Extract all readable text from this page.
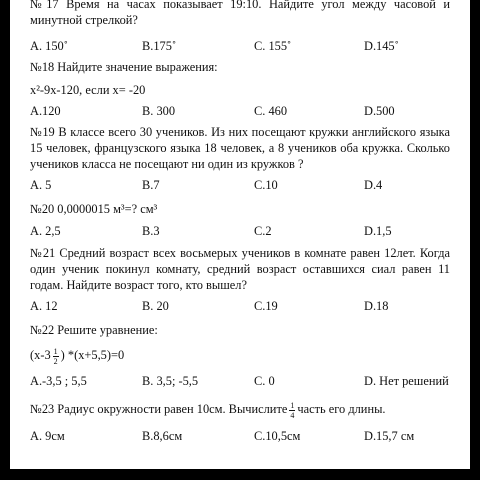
№17 Время на часах показывает 19:10. Найдите угол между часовой и минутной стрелкой?
A. 150˚	B.175˚	C. 155˚	D.145˚
№18 Найдите значение выражения:
x²-9x-120, если x= -20
A.120	B. 300	C. 460	D.500
№19 В классе всего 30 учеников. Из них посещают кружки английского языка 15 человек, французского языка 18 человек, а 8 учеников оба кружка. Сколько учеников класса не посещают ни один из кружков ?
A. 5	B.7	C.10	D.4
№20 0,0000015 м³=? см³
A. 2,5	B.3	C.2	D.1,5
№21 Средний возраст всех восьмерых учеников в комнате равен 12лет. Когда один ученик покинул комнату, средний возраст оставшихся сиал равен 11 годам. Найдите возраст того, кто вышел?
A. 12	B. 20	C.19	D.18
№22 Решите уравнение:
($x-3 \frac{1}{2}$ ) *(x+5,5)=0
A.-3,5 ; 5,5	B. 3,5; -5,5	C. 0	D. Нет решений
№23 Радиус окружности равен 10см. Вычислите $\frac{1}{4}$ часть его длины.
A. 9см	B.8,6см	C.10,5см	D.15,7 см
